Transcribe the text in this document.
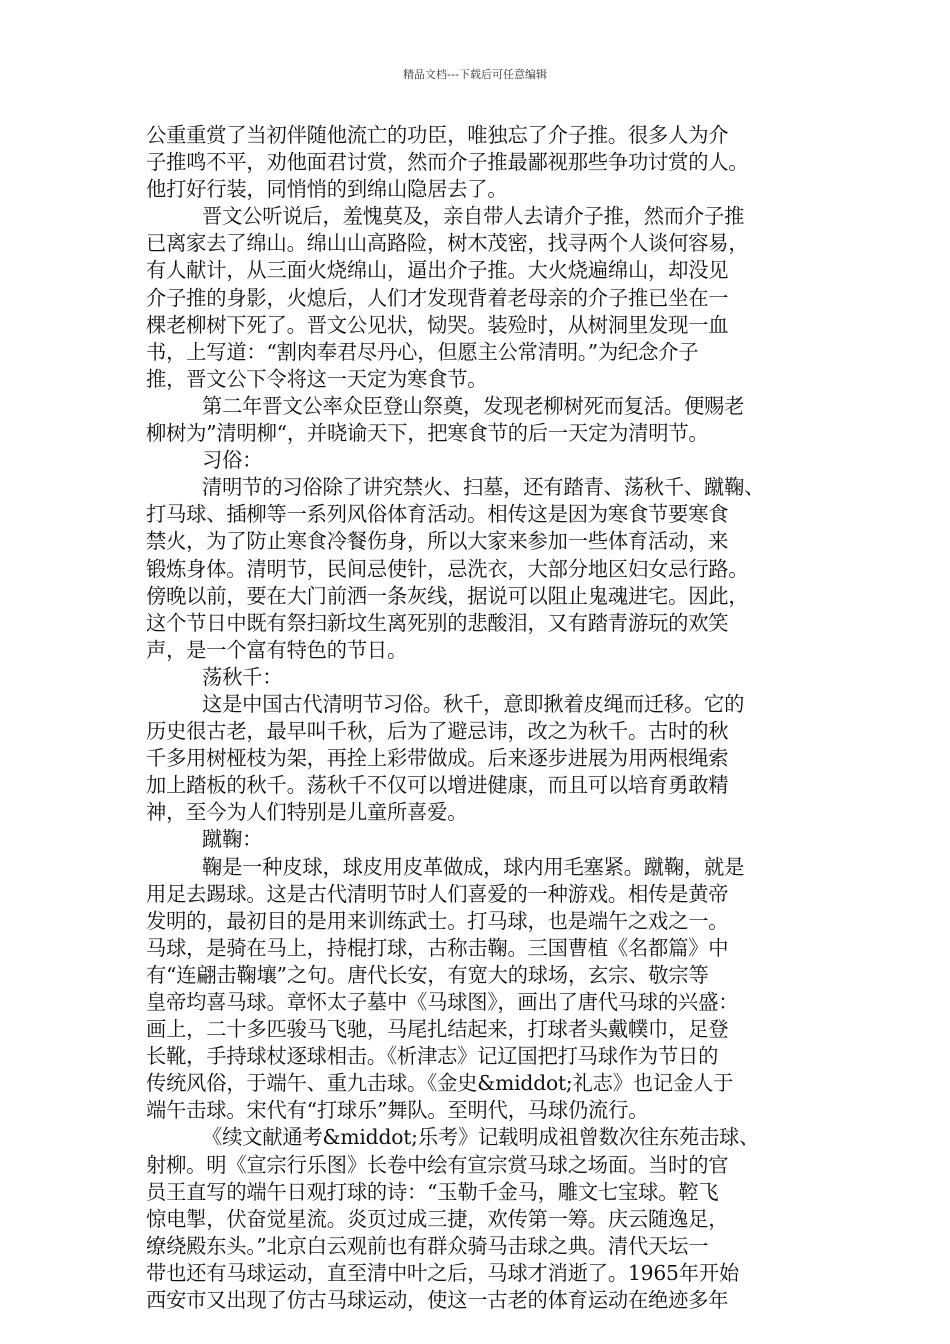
精品文档---下载后可任意编辑
公重重赏了当初伴随他流亡的功臣，唯独忘了介子推。很多人为介
子推鸣不平，劝他面君讨赏，然而介子推最鄙视那些争功讨赏的人。
他打好行装，同悄悄的到绵山隐居去了。
晋文公听说后，羞愧莫及，亲自带人去请介子推，然而介子推
已离家去了绵山。绵山山高路险，树木茂密，找寻两个人谈何容易，
有人献计，从三面火烧绵山，逼出介子推。大火烧遍绵山，却没见
介子推的身影，火熄后，人们才发现背着老母亲的介子推已坐在一
棵老柳树下死了。晋文公见状，恸哭。装殓时，从树洞里发现一血
书，上写道：“割肉奉君尽丹心，但愿主公常清明。”为纪念介子
推，晋文公下令将这一天定为寒食节。
第二年晋文公率众臣登山祭奠，发现老柳树死而复活。便赐老
柳树为”清明柳“，并晓谕天下，把寒食节的后一天定为清明节。
习俗：
清明节的习俗除了讲究禁火、扫墓，还有踏青、荡秋千、蹴鞠、
打马球、插柳等一系列风俗体育活动。相传这是因为寒食节要寒食
禁火，为了防止寒食冷餐伤身，所以大家来参加一些体育活动，来
锻炼身体。清明节，民间忌使针，忌洗衣，大部分地区妇女忌行路。
傍晚以前，要在大门前洒一条灰线，据说可以阻止鬼魂进宅。因此，
这个节日中既有祭扫新坟生离死别的悲酸泪，又有踏青游玩的欢笑
声，是一个富有特色的节日。
荡秋千：
这是中国古代清明节习俗。秋千，意即揪着皮绳而迁移。它的
历史很古老，最早叫千秋，后为了避忌讳，改之为秋千。古时的秋
千多用树桠枝为架，再拴上彩带做成。后来逐步进展为用两根绳索
加上踏板的秋千。荡秋千不仅可以增进健康，而且可以培育勇敢精
神，至今为人们特别是儿童所喜爱。
蹴鞠：
鞠是一种皮球，球皮用皮革做成，球内用毛塞紧。蹴鞠，就是
用足去踢球。这是古代清明节时人们喜爱的一种游戏。相传是黄帝
发明的，最初目的是用来训练武士。打马球，也是端午之戏之一。
马球，是骑在马上，持棍打球，古称击鞠。三国曹植《名都篇》中
有“连翩击鞠壤”之句。唐代长安，有宽大的球场，玄宗、敬宗等
皇帝均喜马球。章怀太子墓中《马球图》，画出了唐代马球的兴盛：
画上，二十多匹骏马飞驰，马尾扎结起来，打球者头戴幞巾，足登
长靴，手持球杖逐球相击。《析津志》记辽国把打马球作为节日的
传统风俗，于端午、重九击球。《金史&middot;礼志》也记金人于
端午击球。宋代有“打球乐”舞队。至明代，马球仍流行。
《续文献通考&middot;乐考》记载明成祖曾数次往东苑击球、
射柳。明《宣宗行乐图》长卷中绘有宣宗赏马球之场面。当时的官
员王直写的端午日观打球的诗：“玉勒千金马，雕文七宝球。鞚飞
惊电掣，伏奋觉星流。炎页过成三捷，欢传第一筹。庆云随逸足，
缭绕殿东头。”北京白云观前也有群众骑马击球之典。清代天坛一
带也还有马球运动，直至清中叶之后，马球才消逝了。1965年开始
西安市又出现了仿古马球运动，使这一古老的体育运动在绝迹多年
